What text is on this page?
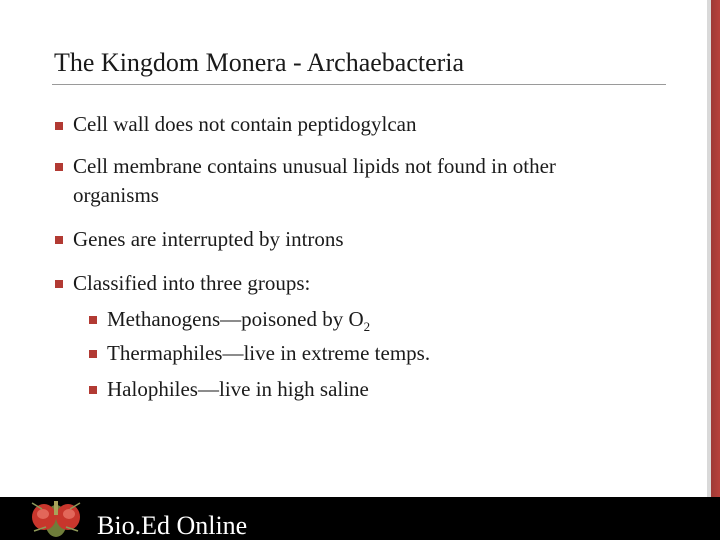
The Kingdom Monera - Archaebacteria
Cell wall does not contain peptidogylcan
Cell membrane contains unusual lipids not found in other
organisms
Genes are interrupted by introns
Classified into three groups:
Methanogens—poisoned by $O_2$
Thermaphiles—live in extreme temps.
Halophiles—live in high saline
Bio.Ed Online
